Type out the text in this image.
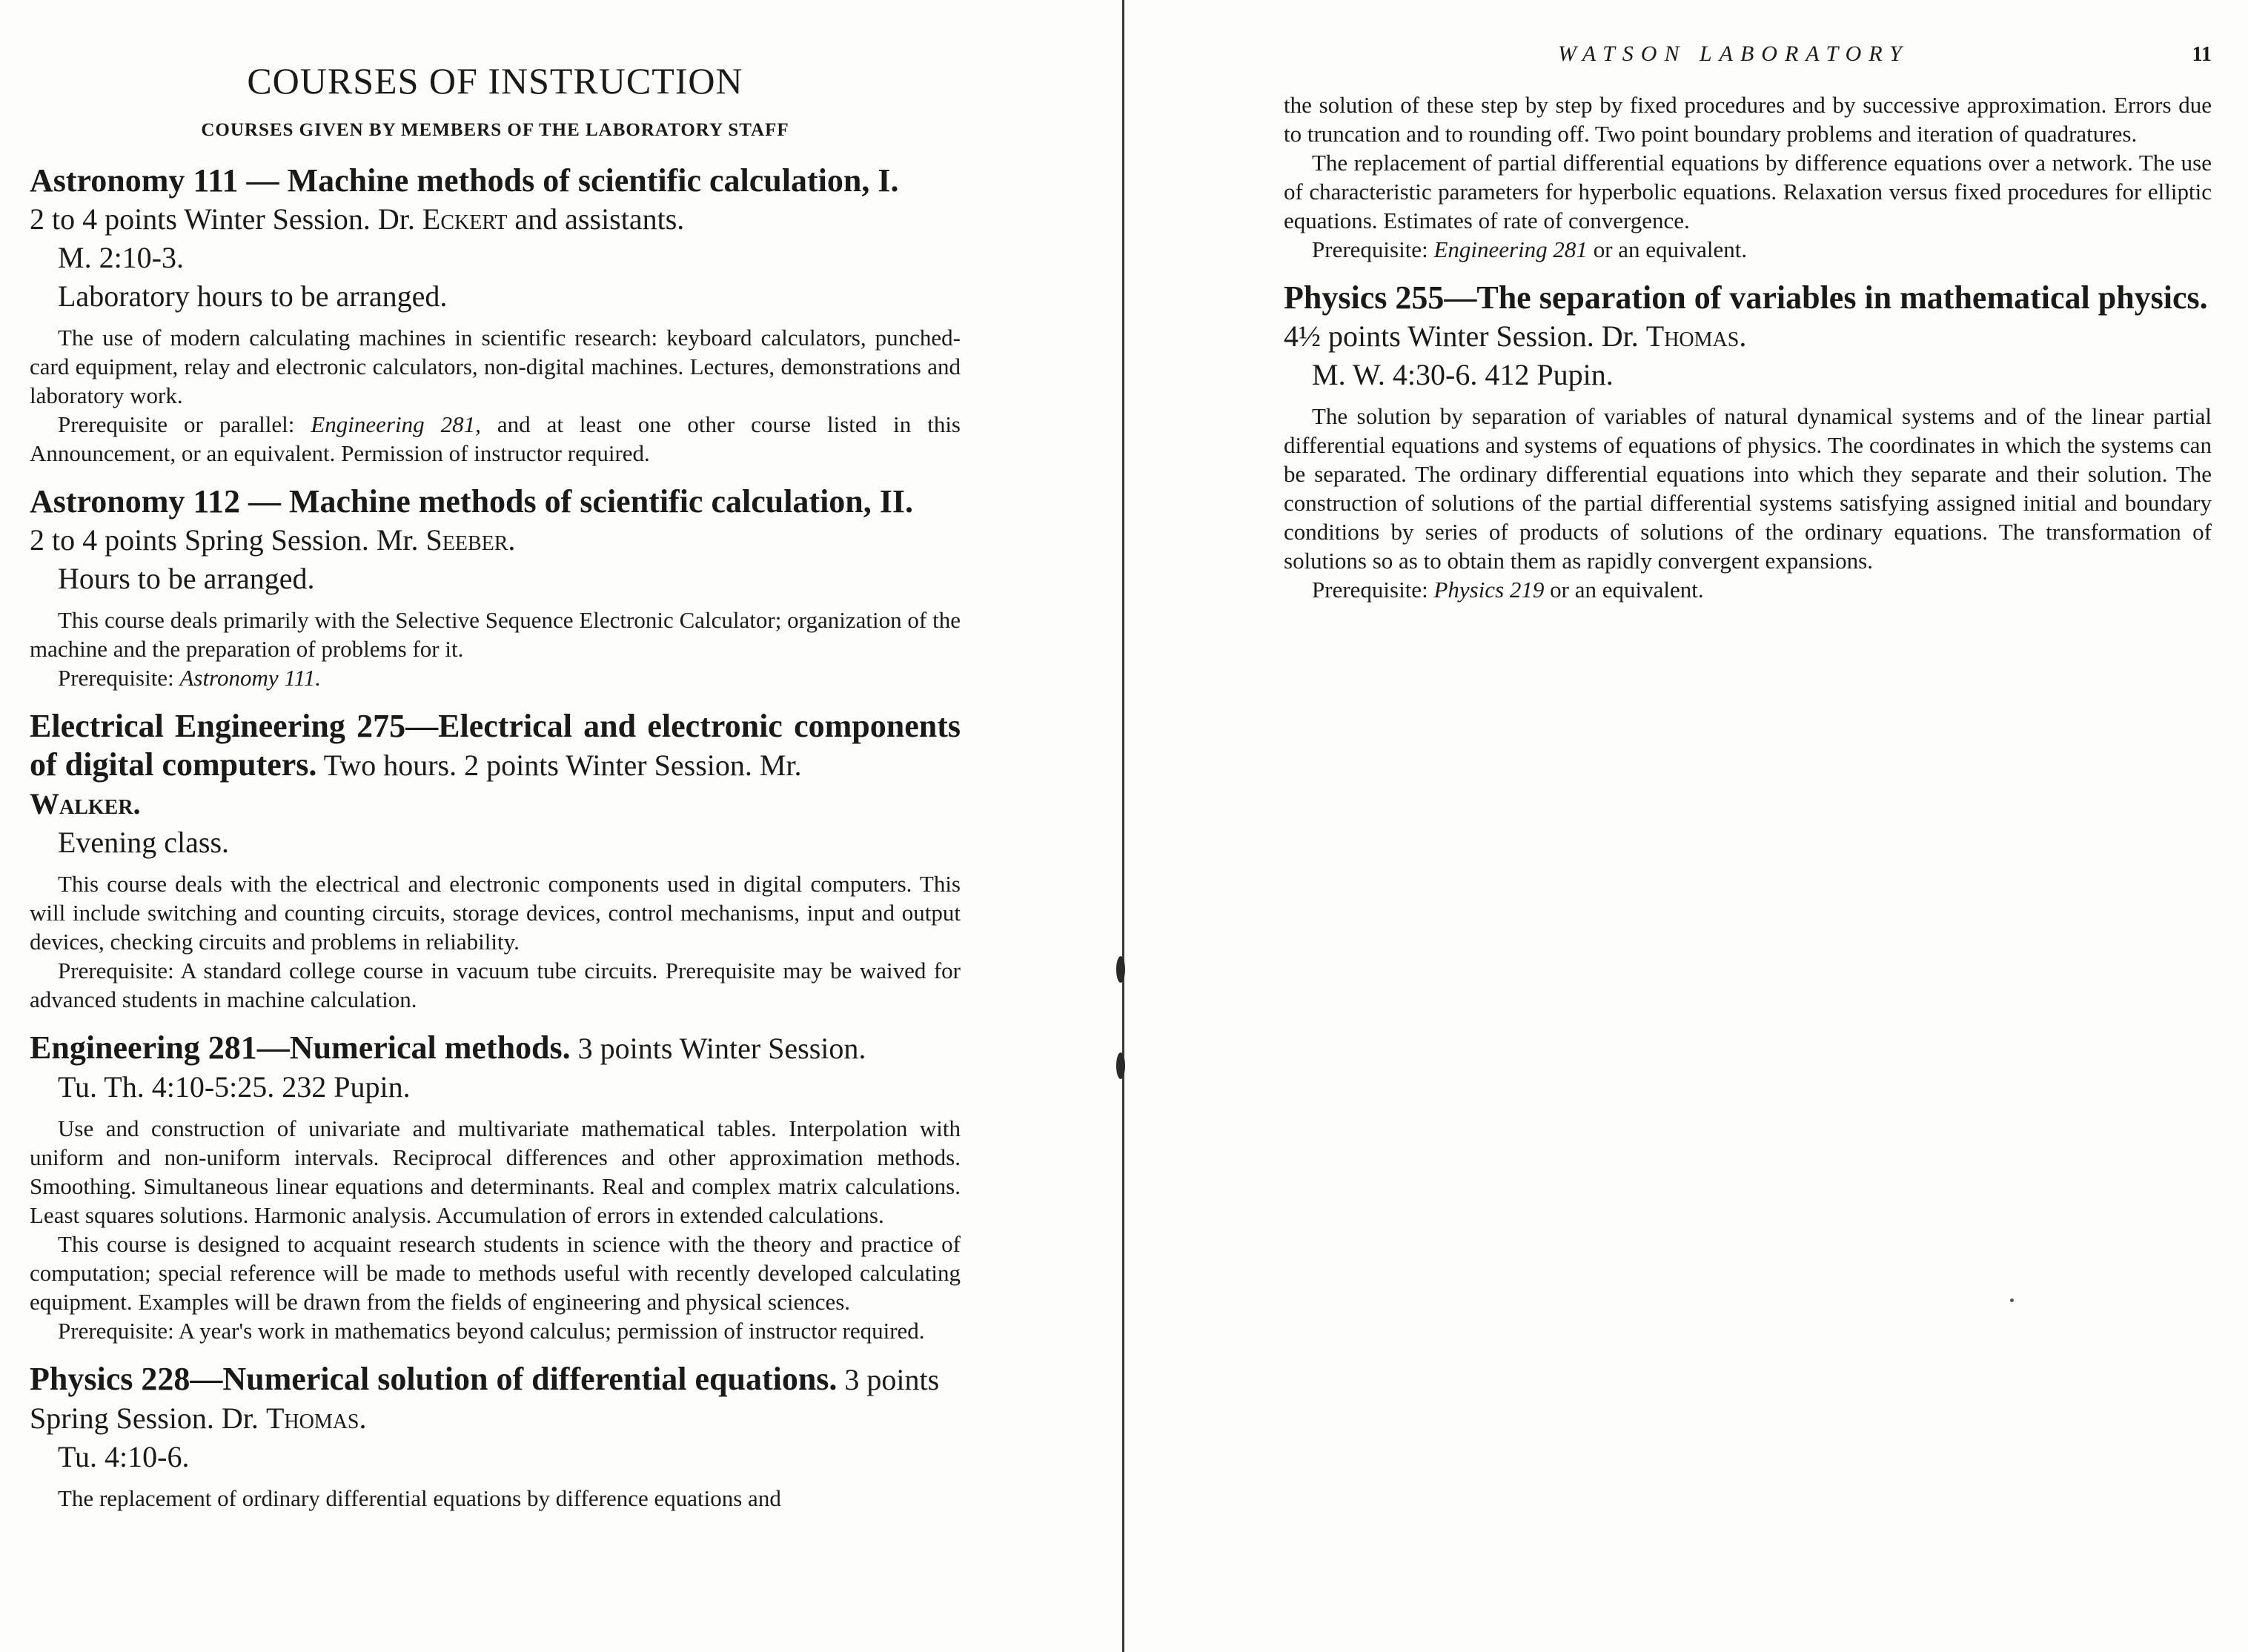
COURSES OF INSTRUCTION
COURSES GIVEN BY MEMBERS OF THE LABORATORY STAFF
Astronomy 111 — Machine methods of scientific calculation, I.
2 to 4 points Winter Session. Dr. Eckert and assistants.
M. 2:10-3.
Laboratory hours to be arranged.

The use of modern calculating machines in scientific research: keyboard calculators, punched-card equipment, relay and electronic calculators, non-digital machines. Lectures, demonstrations and laboratory work.

Prerequisite or parallel: Engineering 281, and at least one other course listed in this Announcement, or an equivalent. Permission of instructor required.

Astronomy 112 — Machine methods of scientific calculation, II.
2 to 4 points Spring Session. Mr. Seeber.
Hours to be arranged.

This course deals primarily with the Selective Sequence Electronic Calculator; organization of the machine and the preparation of problems for it.

Prerequisite: Astronomy 111.

Electrical Engineering 275—Electrical and electronic components of digital computers. Two hours. 2 points Winter Session. Mr.
Walker.
Evening class.

This course deals with the electrical and electronic components used in digital computers. This will include switching and counting circuits, storage devices, control mechanisms, input and output devices, checking circuits and problems in reliability.

Prerequisite: A standard college course in vacuum tube circuits. Prerequisite may be waived for advanced students in machine calculation.

Engineering 281—Numerical methods. 3 points Winter Session.
Tu. Th. 4:10-5:25. 232 Pupin.

Use and construction of univariate and multivariate mathematical tables. Interpolation with uniform and non-uniform intervals. Reciprocal differences and other approximation methods. Smoothing. Simultaneous linear equations and determinants. Real and complex matrix calculations. Least squares solutions. Harmonic analysis. Accumulation of errors in extended calculations.

This course is designed to acquaint research students in science with the theory and practice of computation; special reference will be made to methods useful with recently developed calculating equipment. Examples will be drawn from the fields of engineering and physical sciences.

Prerequisite: A year's work in mathematics beyond calculus; permission of instructor required.

Physics 228—Numerical solution of differential equations. 3 points
Spring Session. Dr. Thomas.
Tu. 4:10-6.

The replacement of ordinary differential equations by difference equations and

WATSON LABORATORY	11

the solution of these step by step by fixed procedures and by successive approximation. Errors due to truncation and to rounding off. Two point boundary problems and iteration of quadratures.

The replacement of partial differential equations by difference equations over a network. The use of characteristic parameters for hyperbolic equations. Relaxation versus fixed procedures for elliptic equations. Estimates of rate of convergence.

Prerequisite: Engineering 281 or an equivalent.

Physics 255—The separation of variables in mathematical physics.
4½ points Winter Session. Dr. Thomas.
M. W. 4:30-6. 412 Pupin.

The solution by separation of variables of natural dynamical systems and of the linear partial differential equations and systems of equations of physics. The coordinates in which the systems can be separated. The ordinary differential equations into which they separate and their solution. The construction of solutions of the partial differential systems satisfying assigned initial and boundary conditions by series of products of solutions of the ordinary equations. The transformation of solutions so as to obtain them as rapidly convergent expansions.

Prerequisite: Physics 219 or an equivalent.
